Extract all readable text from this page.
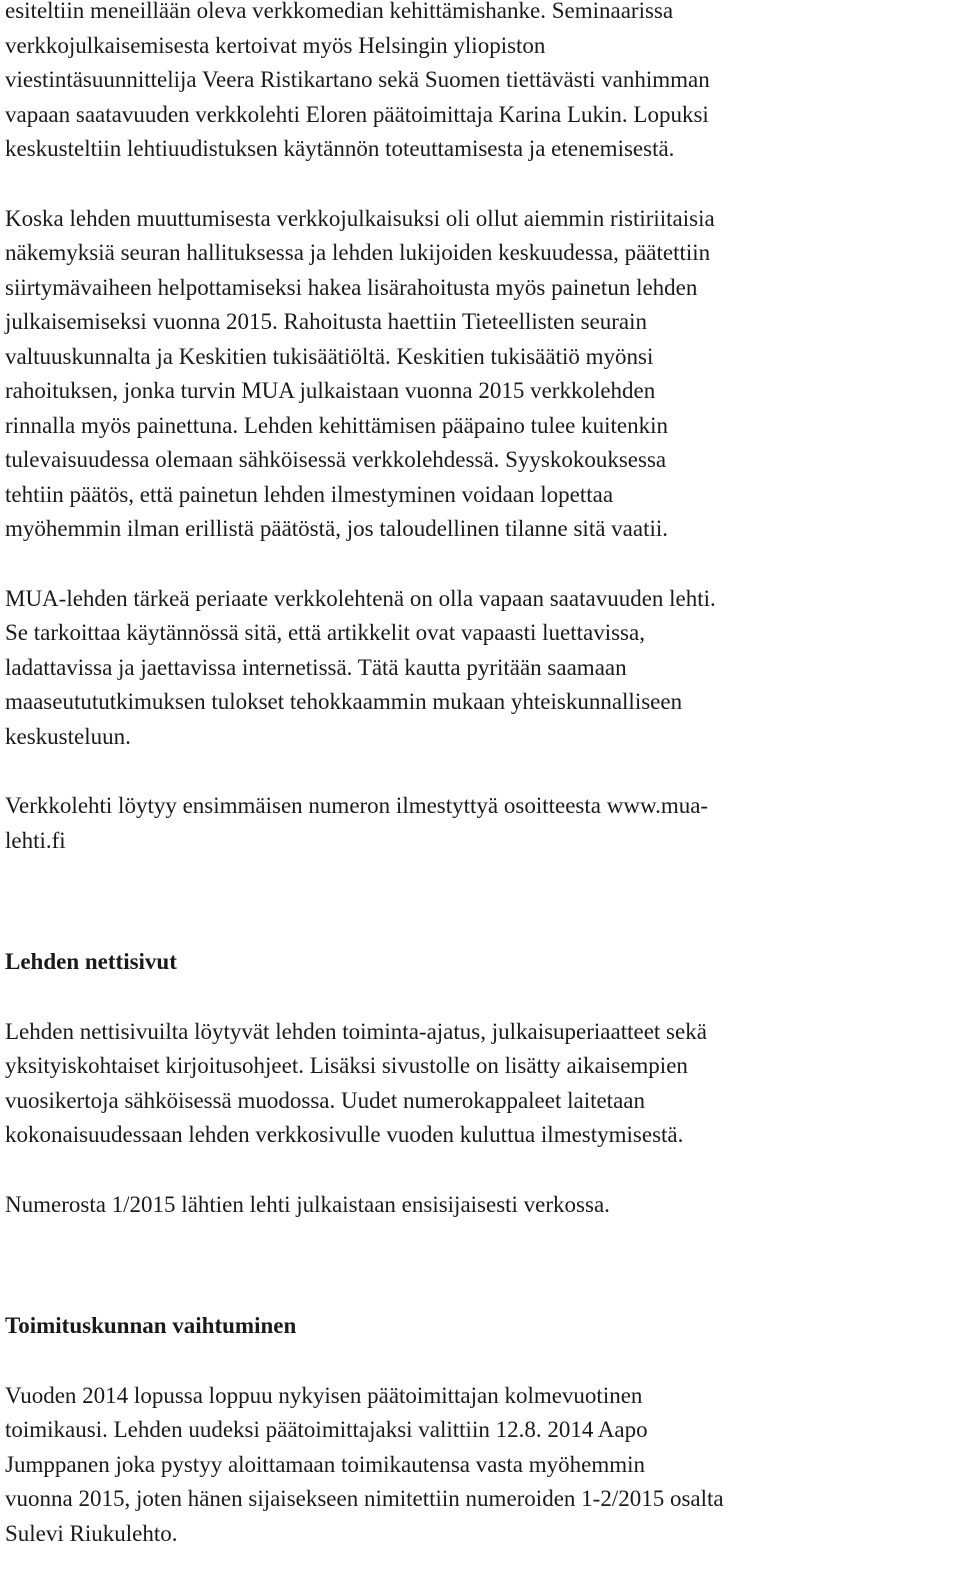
esiteltiin meneillään oleva verkkomedian kehittämishanke. Seminaarissa
verkkojulkaisemisesta kertoivat myös Helsingin yliopiston
viestintäsuunnittelija Veera Ristikartano sekä Suomen tiettävästi vanhimman
vapaan saatavuuden verkkolehti Eloren päätoimittaja Karina Lukin. Lopuksi
keskusteltiin lehtiuudistuksen käytännön toteuttamisesta ja etenemisestä.
Koska lehden muuttumisesta verkkojulkaisuksi oli ollut aiemmin ristiriitaisia
näkemyksiä seuran hallituksessa ja lehden lukijoiden keskuudessa, päätettiin
siirtymävaiheen helpottamiseksi hakea lisärahoitusta myös painetun lehden
julkaisemiseksi vuonna 2015. Rahoitusta haettiin Tieteellisten seurain
valtuuskunnalta ja Keskitien tukisäätiöltä. Keskitien tukisäätiö myönsi
rahoituksen, jonka turvin MUA julkaistaan vuonna 2015 verkkolehden
rinnalla myös painettuna. Lehden kehittämisen pääpaino tulee kuitenkin
tulevaisuudessa olemaan sähköisessä verkkolehdessä. Syyskokouksessa
tehtiin päätös, että painetun lehden ilmestyminen voidaan lopettaa
myöhemmin ilman erillistä päätöstä, jos taloudellinen tilanne sitä vaatii.
MUA-lehden tärkeä periaate verkkolehtenä on olla vapaan saatavuuden lehti.
Se tarkoittaa käytännössä sitä, että artikkelit ovat vapaasti luettavissa,
ladattavissa ja jaettavissa internetissä. Tätä kautta pyritään saamaan
maaseutututkimuksen tulokset tehokkaammin mukaan yhteiskunnalliseen
keskusteluun.
Verkkolehti löytyy ensimmäisen numeron ilmestyttyä osoitteesta www.mua-
lehti.fi
Lehden nettisivut
Lehden nettisivuilta löytyvät lehden toiminta-ajatus, julkaisuperiaatteet sekä
yksityiskohtaiset kirjoitusohjeet. Lisäksi sivustolle on lisätty aikaisempien
vuosikertoja sähköisessä muodossa. Uudet numerokappaleet laitetaan
kokonaisuudessaan lehden verkkosivulle vuoden kuluttua ilmestymisestä.
Numerosta 1/2015 lähtien lehti julkaistaan ensisijaisesti verkossa.
Toimituskunnan vaihtuminen
Vuoden 2014 lopussa loppuu nykyisen päätoimittajan kolmevuotinen
toimikausi. Lehden uudeksi päätoimittajaksi valittiin 12.8. 2014 Aapo
Jumppanen joka pystyy aloittamaan toimikautensa vasta myöhemmin
vuonna 2015, joten hänen sijaisekseen nimitettiin numeroiden 1-2/2015 osalta
Sulevi Riukulehto.
